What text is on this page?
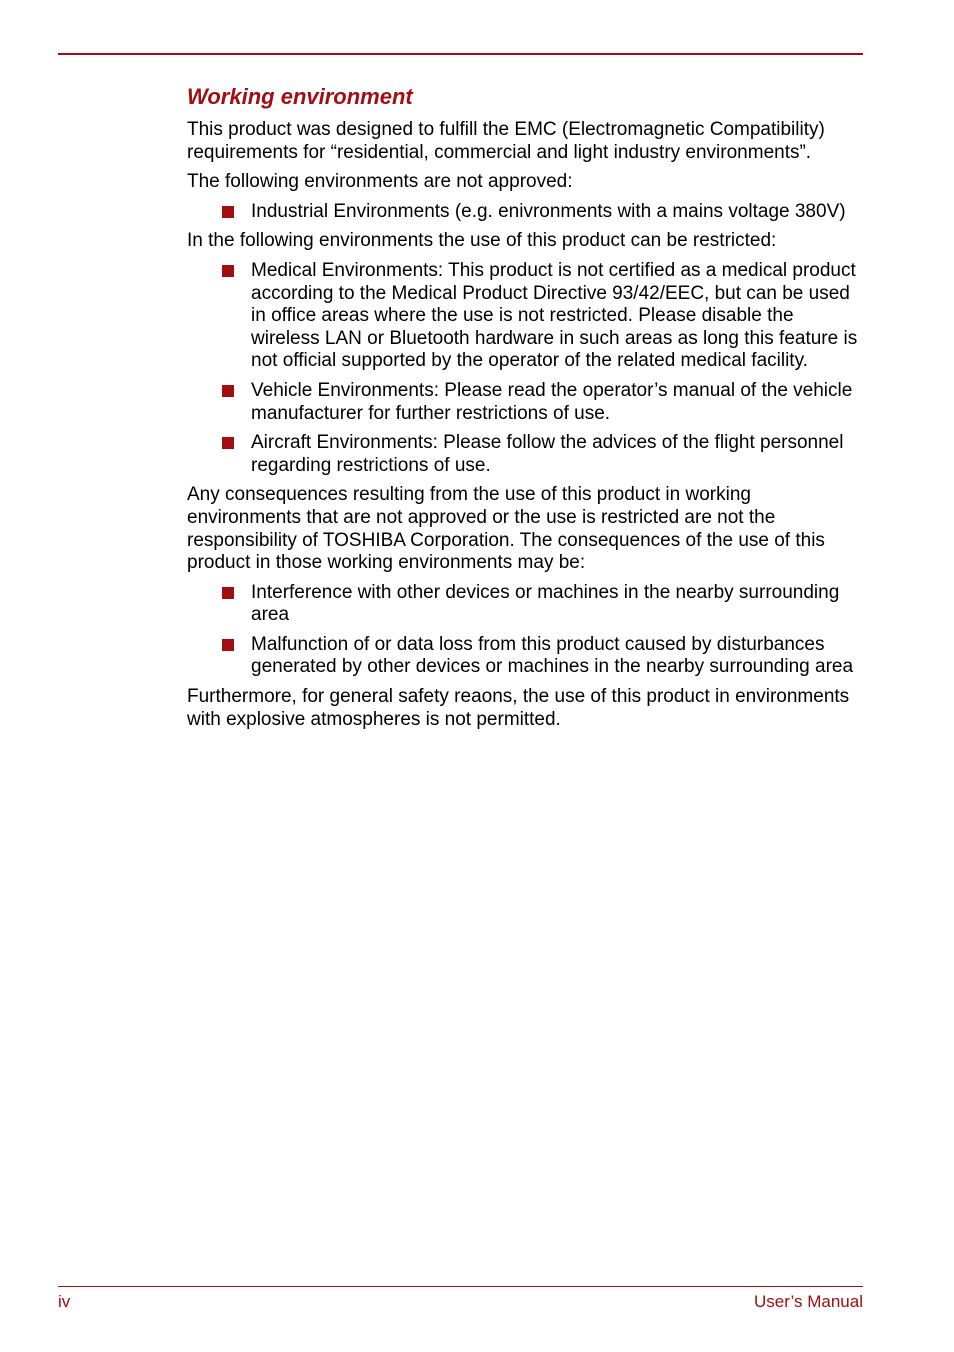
Working environment

This product was designed to fulfill the EMC (Electromagnetic Compatibility) requirements for “residential, commercial and light industry environments”.

The following environments are not approved:

Industrial Environments (e.g. enivronments with a mains voltage 380V)

In the following environments the use of this product can be restricted:

Medical Environments: This product is not certified as a medical product according to the Medical Product Directive 93/42/EEC, but can be used in office areas where the use is not restricted. Please disable the wireless LAN or Bluetooth hardware in such areas as long this feature is not official supported by the operator of the related medical facility.
Vehicle Environments: Please read the operator’s manual of the vehicle manufacturer for further restrictions of use.
Aircraft Environments: Please follow the advices of the flight personnel regarding restrictions of use.

Any consequences resulting from the use of this product in working environments that are not approved or the use is restricted are not the responsibility of TOSHIBA Corporation. The consequences of the use of this product in those working environments may be:

Interference with other devices or machines in the nearby surrounding area
Malfunction of or data loss from this product caused by disturbances generated by other devices or machines in the nearby surrounding area

Furthermore, for general safety reaons, the use of this product in environments with explosive atmospheres is not permitted.

iv	User’s Manual
